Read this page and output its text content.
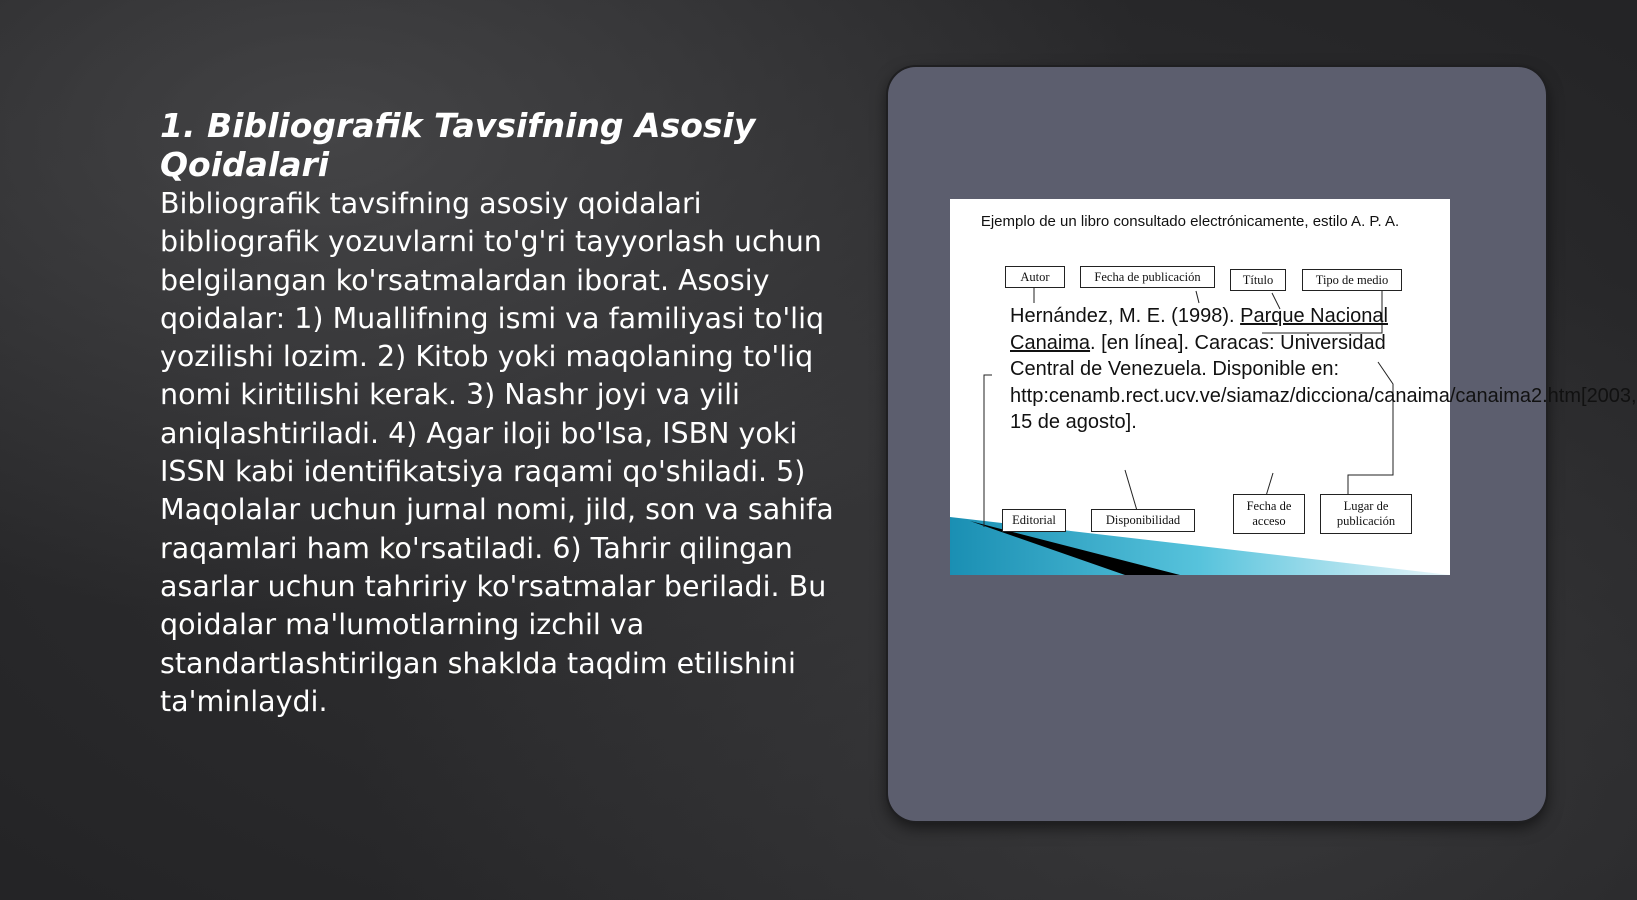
1. Bibliografik Tavsifning Asosiy Qoidalari

Bibliografik tavsifning asosiy qoidalari bibliografik yozuvlarni to'g'ri tayyorlash uchun belgilangan ko'rsatmalardan iborat. Asosiy qoidalar: 1) Muallifning ismi va familiyasi to'liq yozilishi lozim. 2) Kitob yoki maqolaning to'liq nomi kiritilishi kerak. 3) Nashr joyi va yili aniqlashtiriladi. 4) Agar iloji bo'lsa, ISBN yoki ISSN kabi identifikatsiya raqami qo'shiladi. 5) Maqolalar uchun jurnal nomi, jild, son va sahifa raqamlari ham ko'rsatiladi. 6) Tahrir qilingan asarlar uchun tahririy ko'rsatmalar beriladi. Bu qoidalar ma'lumotlarning izchil va standartlashtirilgan shaklda taqdim etilishini ta'minlaydi.

Ejemplo de un libro consultado electrónicamente, estilo A. P. A.
Autor	Fecha de publicación	Título	Tipo de medio
Hernández, M. E. (1998). Parque Nacional Canaima. [en línea]. Caracas: Universidad Central de Venezuela. Disponible en: http:cenamb.rect.ucv.ve/siamaz/dicciona/canaima/canaima2.htm[2003, 15 de agosto].
Editorial	Disponibilidad
Fecha de acceso
Lugar de publicación
